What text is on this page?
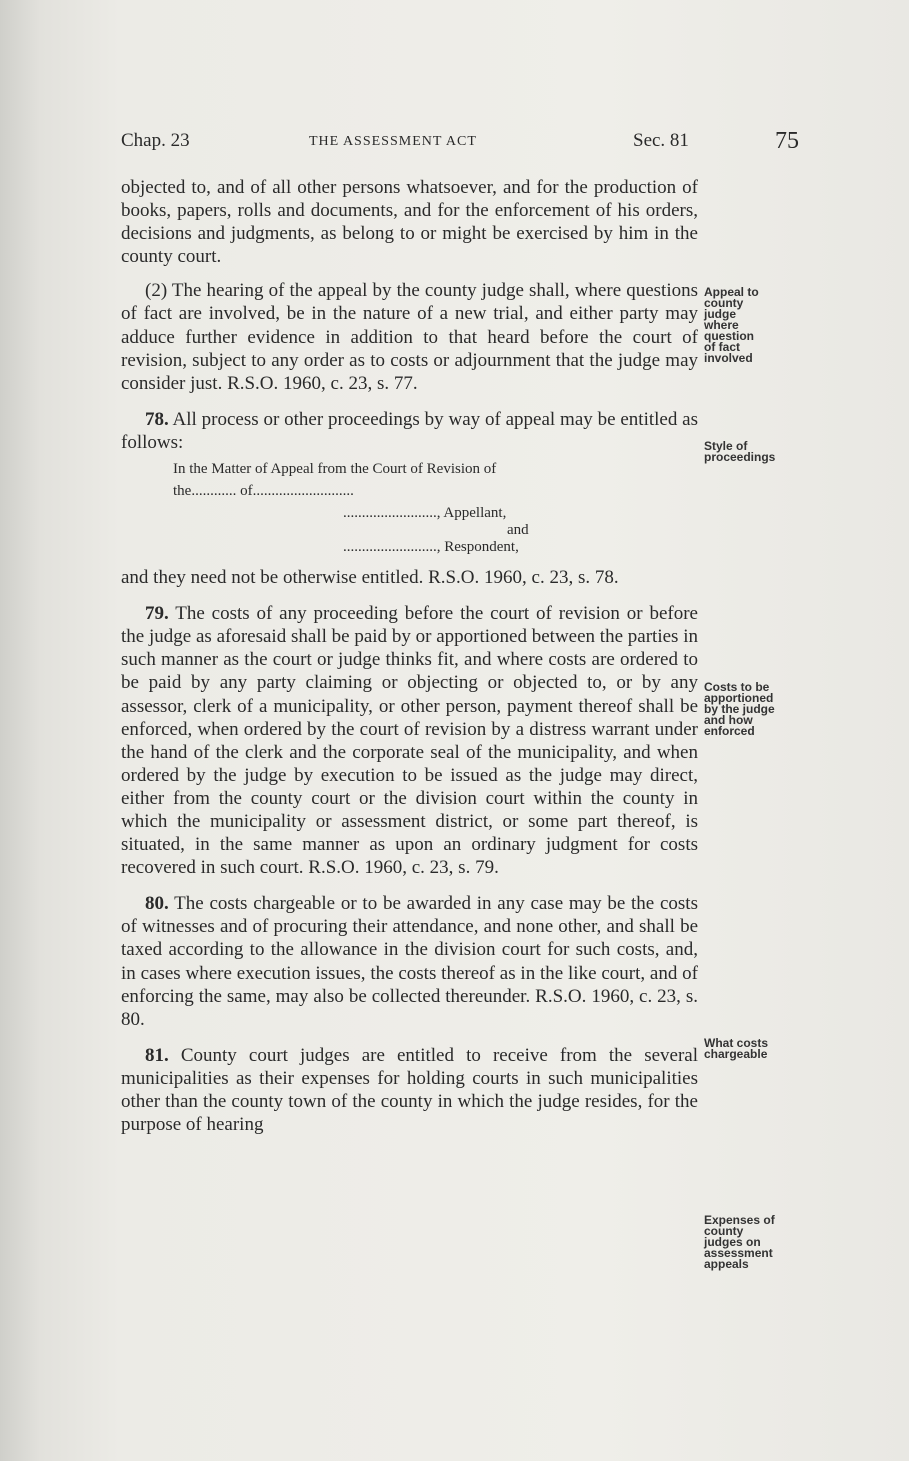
Chap. 23	THE ASSESSMENT ACT	Sec. 81	75

objected to, and of all other persons whatsoever, and for the production of books, papers, rolls and documents, and for the enforcement of his orders, decisions and judgments, as belong to or might be exercised by him in the county court.

(2) The hearing of the appeal by the county judge shall, where questions of fact are involved, be in the nature of a new trial, and either party may adduce further evidence in addition to that heard before the court of revision, subject to any order as to costs or adjournment that the judge may consider just. R.S.O. 1960, c. 23, s. 77.

78. All process or other proceedings by way of appeal may be entitled as follows:

In the Matter of Appeal from the Court of Revision of
the............ of...........................
........................., Appellant,
and
........................., Respondent,

and they need not be otherwise entitled. R.S.O. 1960, c. 23, s. 78.

79. The costs of any proceeding before the court of revision or before the judge as aforesaid shall be paid by or apportioned between the parties in such manner as the court or judge thinks fit, and where costs are ordered to be paid by any party claiming or objecting or objected to, or by any assessor, clerk of a municipality, or other person, payment thereof shall be enforced, when ordered by the court of revision by a distress warrant under the hand of the clerk and the corporate seal of the municipality, and when ordered by the judge by execution to be issued as the judge may direct, either from the county court or the division court within the county in which the municipality or assessment district, or some part thereof, is situated, in the same manner as upon an ordinary judgment for costs recovered in such court. R.S.O. 1960, c. 23, s. 79.

80. The costs chargeable or to be awarded in any case may be the costs of witnesses and of procuring their attendance, and none other, and shall be taxed according to the allowance in the division court for such costs, and, in cases where execution issues, the costs thereof as in the like court, and of enforcing the same, may also be collected thereunder. R.S.O. 1960, c. 23, s. 80.

81. County court judges are entitled to receive from the several municipalities as their expenses for holding courts in such municipalities other than the county town of the county in which the judge resides, for the purpose of hearing

Appeal to
county
judge
where
question
of fact
involved
Style of
proceedings
Costs to be
apportioned
by the judge
and how
enforced
What costs
chargeable
Expenses of
county
judges on
assessment
appeals
